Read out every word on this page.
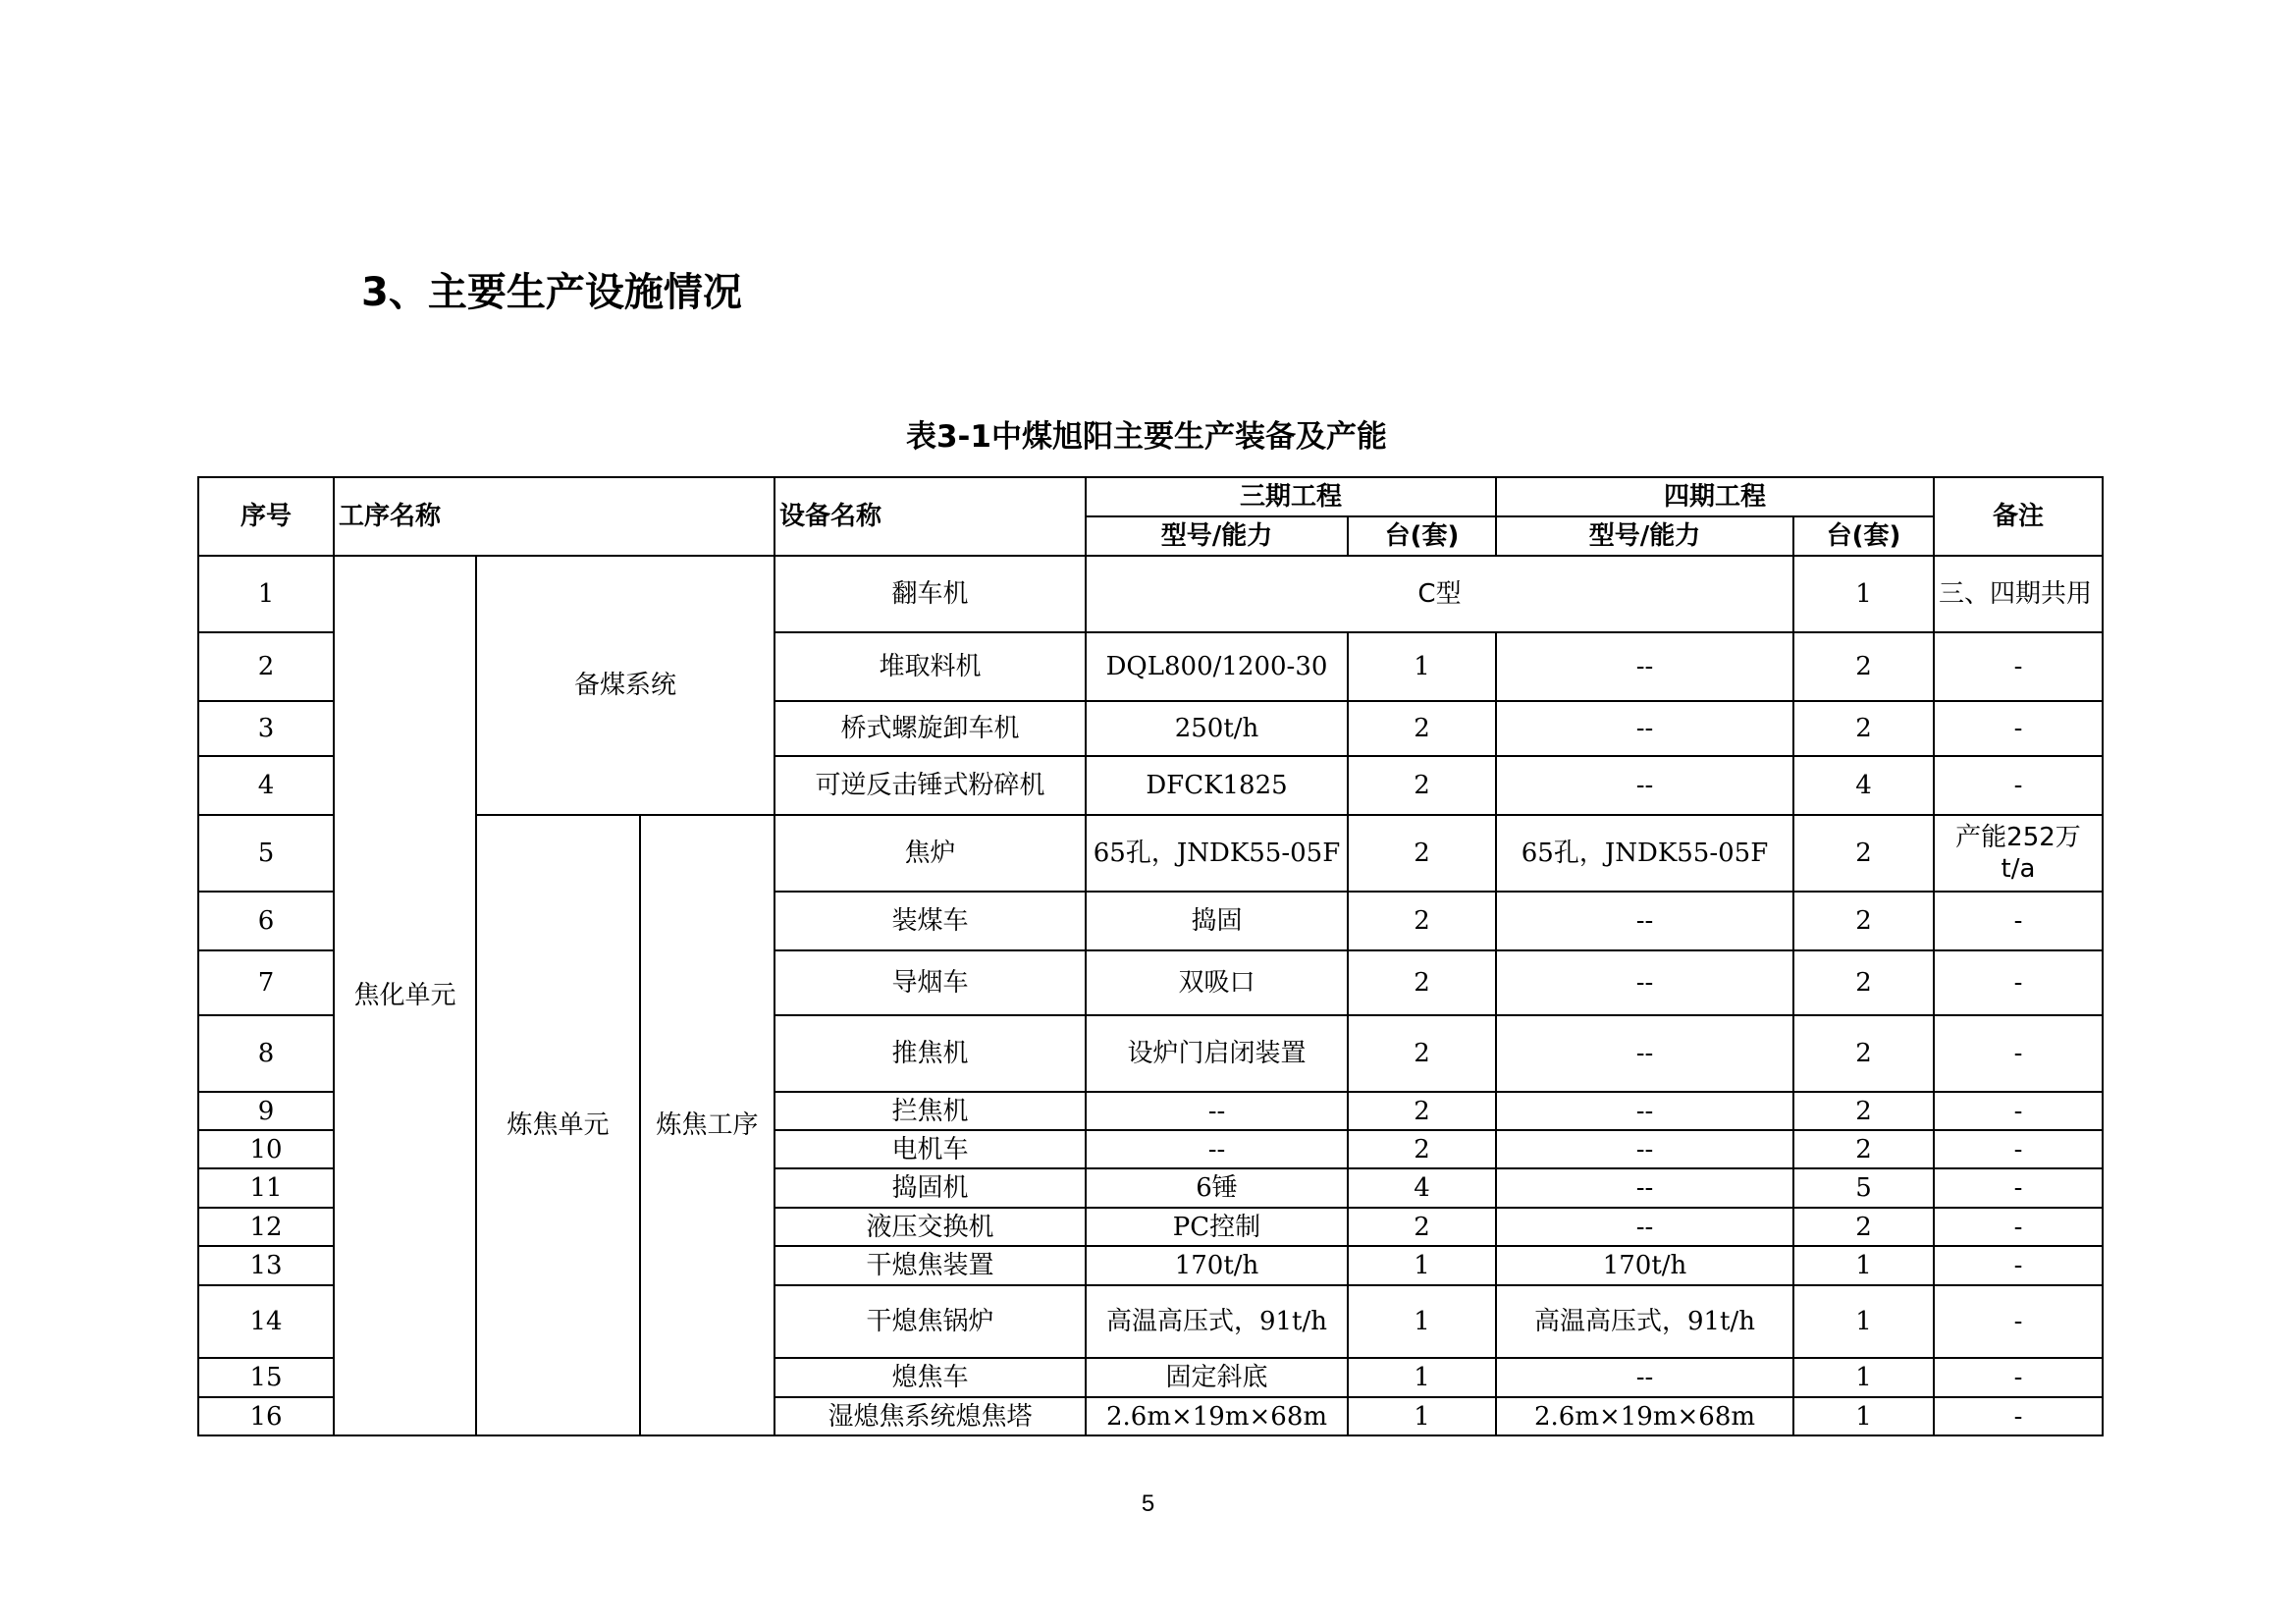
3、主要生产设施情况
表3-1中煤旭阳主要生产装备及产能
序号	工序名称			设备名称	三期工程		四期工程		备注
					型号/能力	台(套)	型号/能力	台(套)	
1	焦化单元	备煤系统		翻车机	C型			1	三、四期共用
2				堆取料机	DQL800/1200-30	1	--	2	-
3				桥式螺旋卸车机	250t/h	2	--	2	-
4				可逆反击锤式粉碎机	DFCK1825	2	--	4	-
5		炼焦单元	炼焦工序	焦炉	65孔，JNDK55-05F	2	65孔，JNDK55-05F	2	产能252万t/a
6				装煤车	捣固	2	--	2	-
7				导烟车	双吸口	2	--	2	-
8				推焦机	设炉门启闭装置	2	--	2	-
9				拦焦机	--	2	--	2	-
10				电机车	--	2	--	2	-
11				捣固机	6锤	4	--	5	-
12				液压交换机	PC控制	2	--	2	-
13				干熄焦装置	170t/h	1	170t/h	1	-
14				干熄焦锅炉	高温高压式，91t/h	1	高温高压式，91t/h	1	-
15				熄焦车	固定斜底	1	--	1	-
16				湿熄焦系统熄焦塔	2.6m×19m×68m	1	2.6m×19m×68m	1	-
5
